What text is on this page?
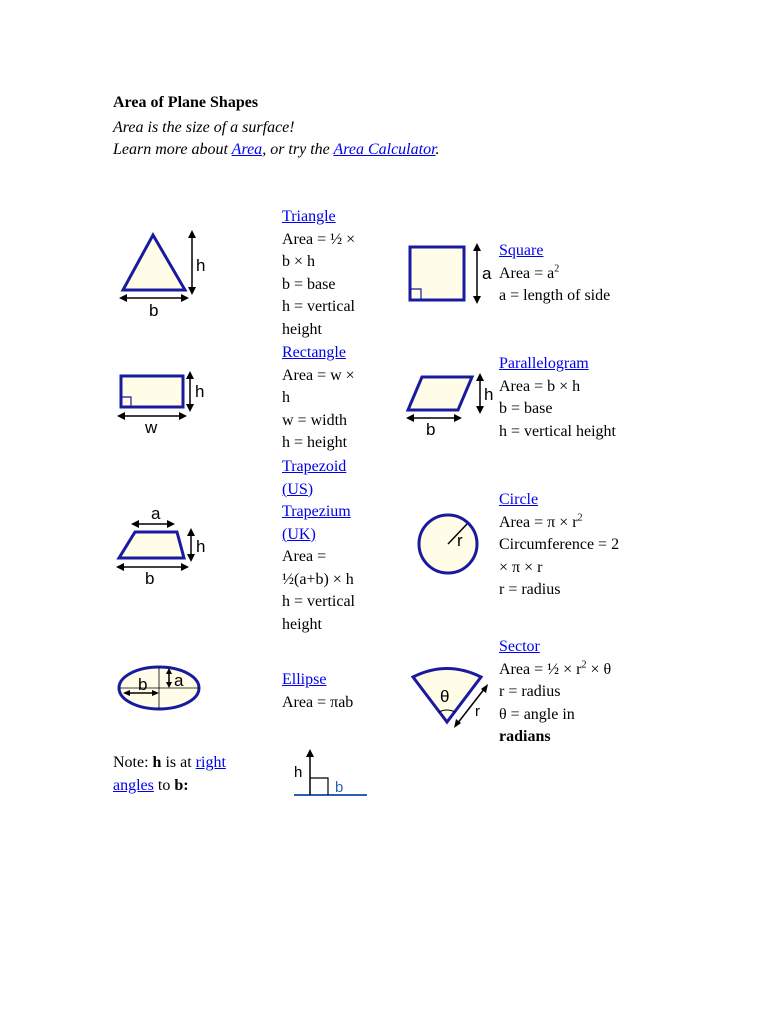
Area of Plane Shapes
Area is the size of a surface!
Learn more about Area, or try the Area Calculator.
h
b
Triangle
Area = ½ ×
b × h
b = base
h = vertical
height
a
Square
Area = $a^2$
a = length of side
h
w
Rectangle
Area = w ×
h
w = width
h = height
h
b
Parallelogram
Area = b × h
b = base
h = vertical height
a
h
b
Trapezoid
(US)
Trapezium
(UK)
Area =
½(a+b) × h
h = vertical
height
r
Circle
Area = $\pi \times r^2$
Circumference = 2
× π × r
r = radius
b a	Ellipse
Area = πab	θ
r
Sector
Area = ½ × $r^2 \times \theta$
r = radius
θ = angle in
radians
Note: h is at right
angles to b:
h
b
